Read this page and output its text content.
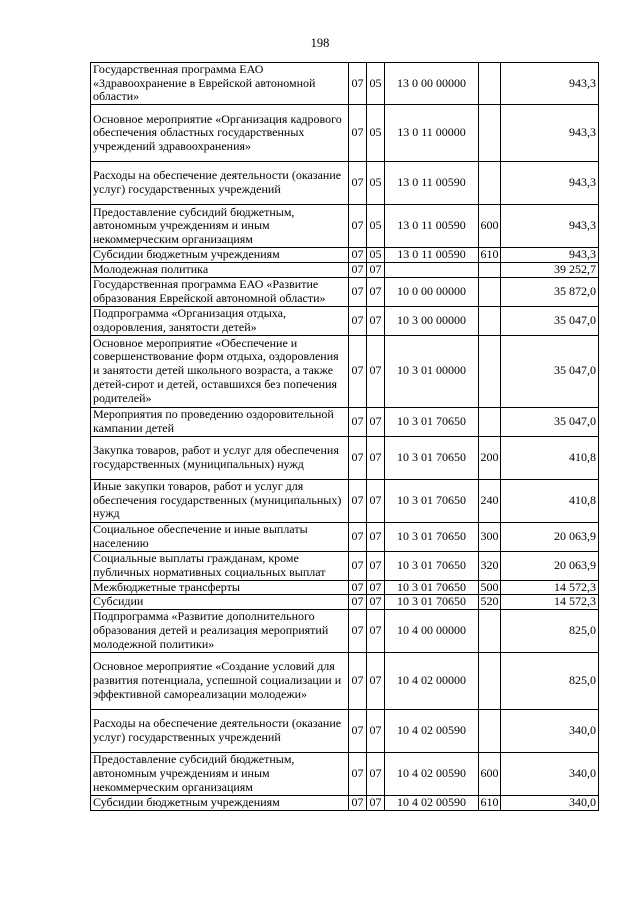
198
Государственная программа ЕАО «Здравоохранение в Еврейской автономной области»	07	05	13 0 00 00000		943,3
Основное мероприятие «Организация кадрового обеспечения областных государственных учреждений здравоохранения»	07	05	13 0 11 00000		943,3
Расходы на обеспечение деятельности (оказание услуг) государственных учреждений	07	05	13 0 11 00590		943,3
Предоставление субсидий бюджетным, автономным учреждениям и иным некоммерческим организациям	07	05	13 0 11 00590	600	943,3
Субсидии бюджетным учреждениям	07	05	13 0 11 00590	610	943,3
Молодежная политика	07	07			39 252,7
Государственная программа ЕАО «Развитие образования Еврейской автономной области»	07	07	10 0 00 00000		35 872,0
Подпрограмма «Организация отдыха, оздоровления, занятости детей»	07	07	10 3 00 00000		35 047,0
Основное мероприятие «Обеспечение и совершенствование форм отдыха, оздоровления и занятости детей школьного возраста, а также детей-сирот и детей, оставшихся без попечения родителей»	07	07	10 3 01 00000		35 047,0
Мероприятия по проведению оздоровительной кампании детей	07	07	10 3 01 70650		35 047,0
Закупка товаров, работ и услуг для обеспечения государственных (муниципальных) нужд	07	07	10 3 01 70650	200	410,8
Иные закупки товаров, работ и услуг для обеспечения государственных (муниципальных) нужд	07	07	10 3 01 70650	240	410,8
Социальное обеспечение и иные выплаты населению	07	07	10 3 01 70650	300	20 063,9
Социальные выплаты гражданам, кроме публичных нормативных социальных выплат	07	07	10 3 01 70650	320	20 063,9
Межбюджетные трансферты	07	07	10 3 01 70650	500	14 572,3
Субсидии	07	07	10 3 01 70650	520	14 572,3
Подпрограмма «Развитие дополнительного образования детей и реализация мероприятий молодежной политики»	07	07	10 4 00 00000		825,0
Основное мероприятие «Создание условий для развития потенциала, успешной социализации и эффективной самореализации молодежи»	07	07	10 4 02 00000		825,0
Расходы на обеспечение деятельности (оказание услуг) государственных учреждений	07	07	10 4 02 00590		340,0
Предоставление субсидий бюджетным, автономным учреждениям и иным некоммерческим организациям	07	07	10 4 02 00590	600	340,0
Субсидии бюджетным учреждениям	07	07	10 4 02 00590	610	340,0
